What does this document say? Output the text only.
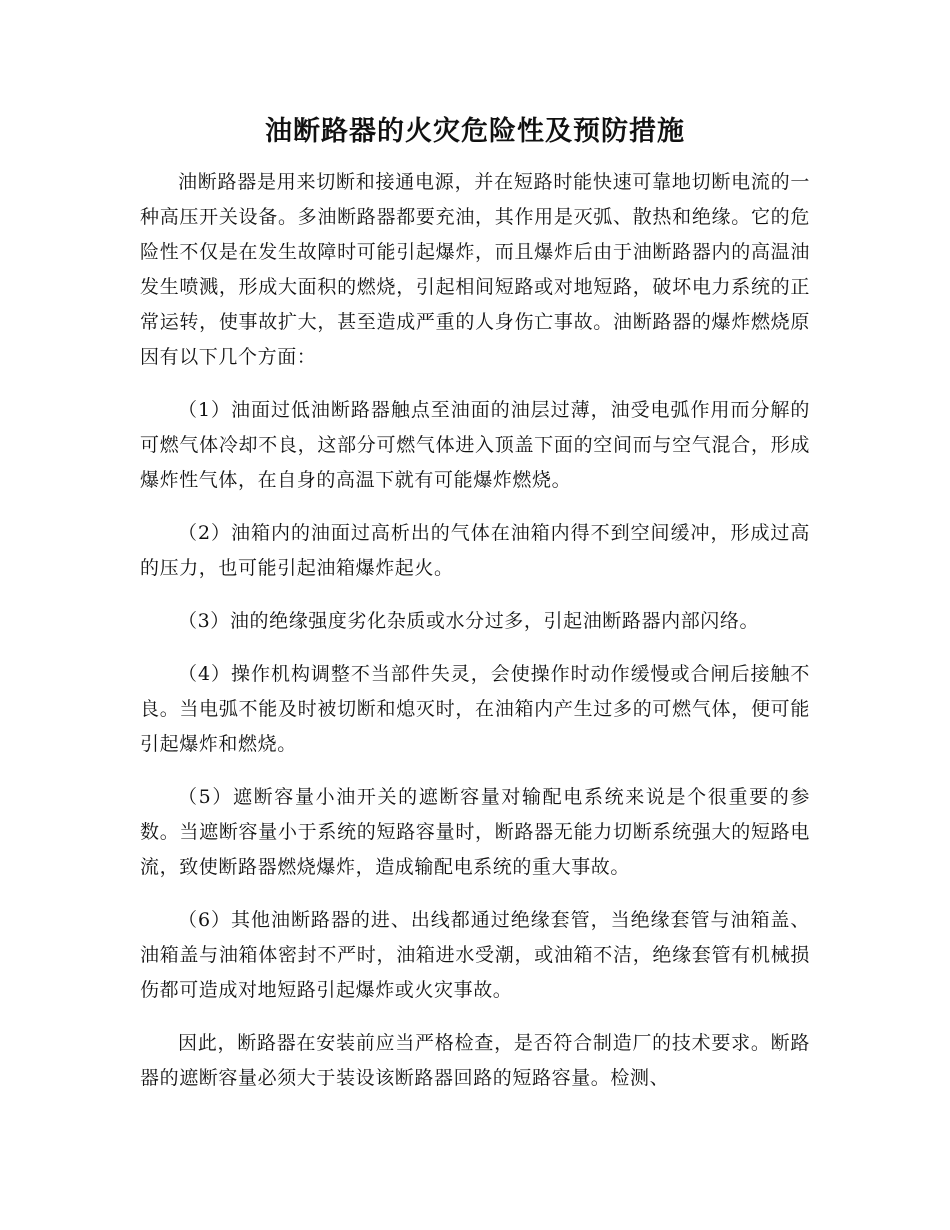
油断路器的火灾危险性及预防措施

油断路器是用来切断和接通电源，并在短路时能快速可靠地切断电流的一种高压开关设备。多油断路器都要充油，其作用是灭弧、散热和绝缘。它的危险性不仅是在发生故障时可能引起爆炸，而且爆炸后由于油断路器内的高温油发生喷溅，形成大面积的燃烧，引起相间短路或对地短路，破坏电力系统的正常运转，使事故扩大，甚至造成严重的人身伤亡事故。油断路器的爆炸燃烧原因有以下几个方面：

（1）油面过低油断路器触点至油面的油层过薄，油受电弧作用而分解的可燃气体冷却不良，这部分可燃气体进入顶盖下面的空间而与空气混合，形成爆炸性气体，在自身的高温下就有可能爆炸燃烧。

（2）油箱内的油面过高析出的气体在油箱内得不到空间缓冲，形成过高的压力，也可能引起油箱爆炸起火。

（3）油的绝缘强度劣化杂质或水分过多，引起油断路器内部闪络。

（4）操作机构调整不当部件失灵，会使操作时动作缓慢或合闸后接触不良。当电弧不能及时被切断和熄灭时，在油箱内产生过多的可燃气体，便可能引起爆炸和燃烧。

（5）遮断容量小油开关的遮断容量对输配电系统来说是个很重要的参数。当遮断容量小于系统的短路容量时，断路器无能力切断系统强大的短路电流，致使断路器燃烧爆炸，造成输配电系统的重大事故。

（6）其他油断路器的进、出线都通过绝缘套管，当绝缘套管与油箱盖、油箱盖与油箱体密封不严时，油箱进水受潮，或油箱不洁，绝缘套管有机械损伤都可造成对地短路引起爆炸或火灾事故。

因此，断路器在安装前应当严格检查，是否符合制造厂的技术要求。断路器的遮断容量必须大于装设该断路器回路的短路容量。检测、
